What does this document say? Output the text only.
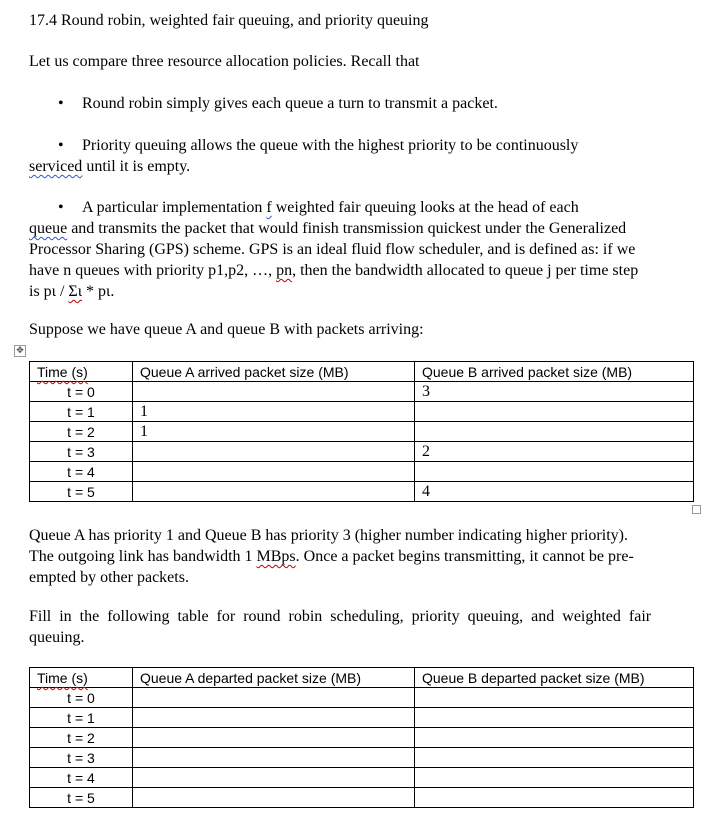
17.4 Round robin, weighted fair queuing, and priority queuing

Let us compare three resource allocation policies. Recall that

• Round robin simply gives each queue a turn to transmit a packet.
• Priority queuing allows the queue with the highest priority to be continuously

serviced until it is empty.

• A particular implementation f weighted fair queuing looks at the head of each

queue and transmits the packet that would finish transmission quickest under the Generalized

Processor Sharing (GPS) scheme. GPS is an ideal fluid flow scheduler, and is defined as: if we

have n queues with priority p1,p2, …, pn, then the bandwidth allocated to queue j per time step

is pι / Σι * pι.

Suppose we have queue A and queue B with packets arriving:

✥
Time (s)	Queue A arrived packet size (MB)	Queue B arrived packet size (MB)
t = 0		3
t = 1	1	
t = 2	1	
t = 3		2
t = 4		
t = 5		4

Queue A has priority 1 and Queue B has priority 3 (higher number indicating higher priority).

The outgoing link has bandwidth 1 MBps. Once a packet begins transmitting, it cannot be pre-

empted by other packets.

Fill in the following table for round robin scheduling, priority queuing, and weighted fair

queuing.

Time (s)	Queue A departed packet size (MB)	Queue B departed packet size (MB)
t = 0		
t = 1		
t = 2		
t = 3		
t = 4		
t = 5		
